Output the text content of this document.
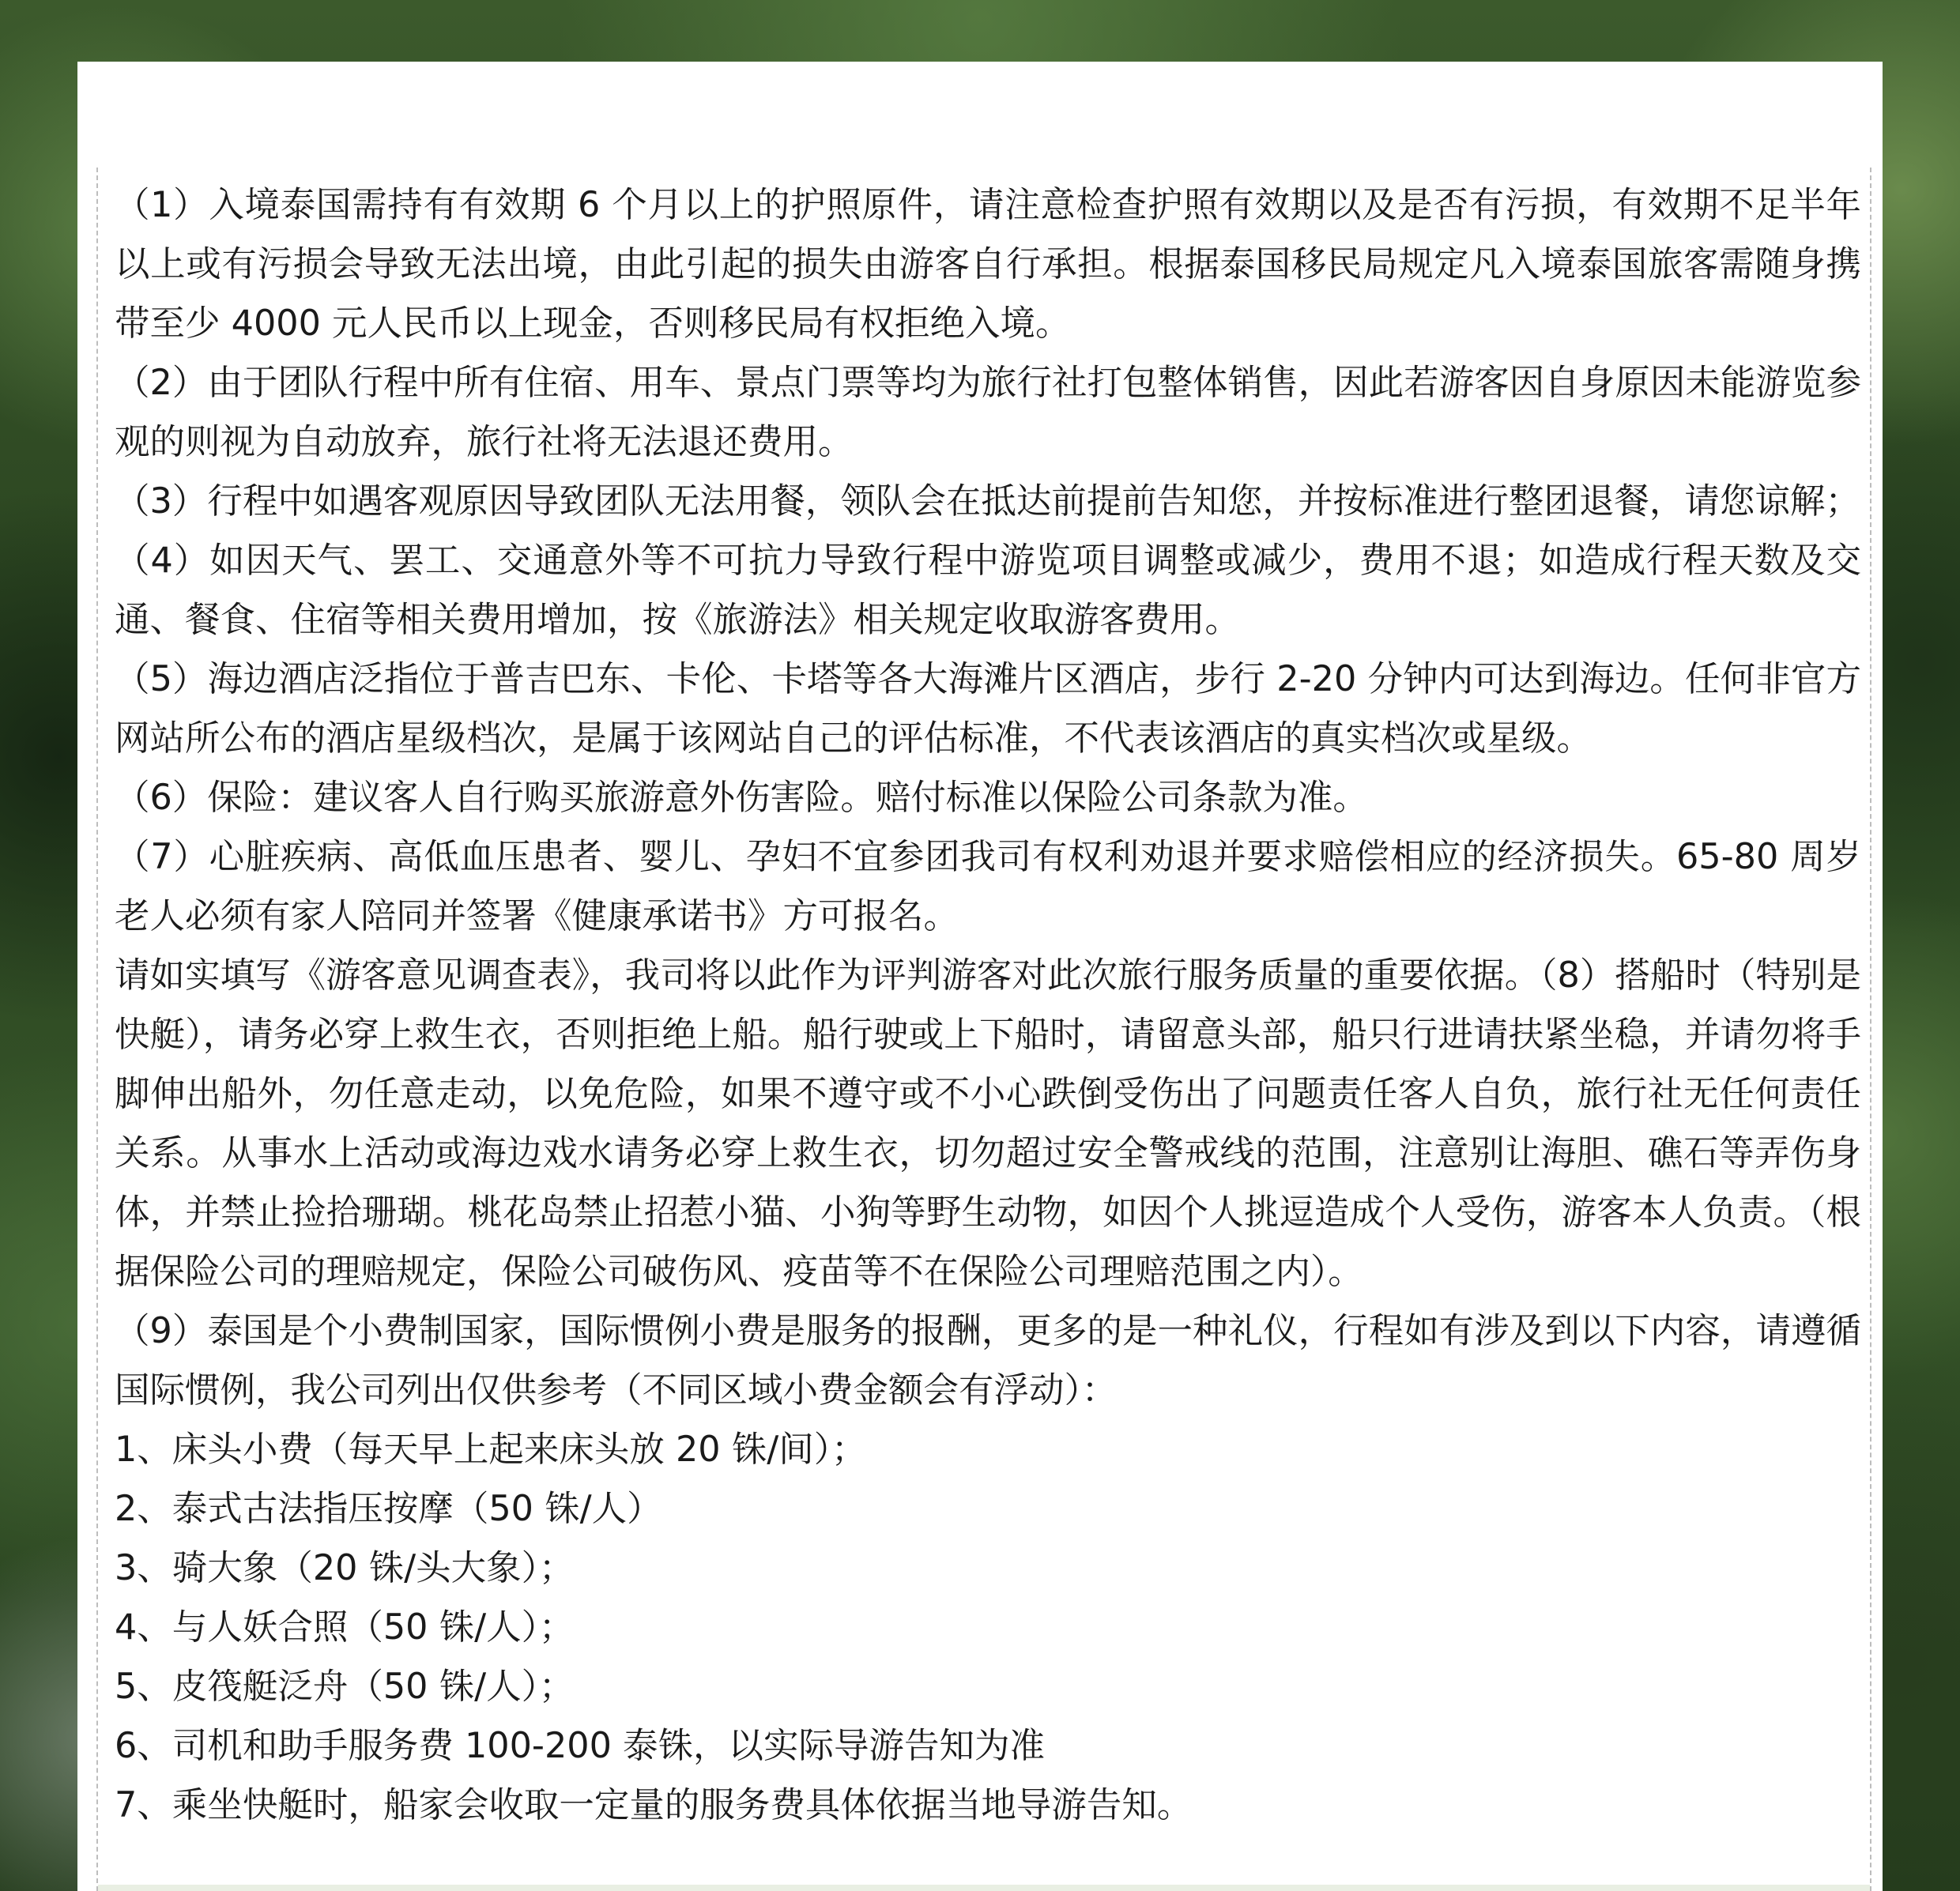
（1）入境泰国需持有有效期 6 个月以上的护照原件，请注意检查护照有效期以及是否有污损，有效期不足半年以上或有污损会导致无法出境，由此引起的损失由游客自行承担。根据泰国移民局规定凡入境泰国旅客需随身携带至少 4000 元人民币以上现金，否则移民局有权拒绝入境。
（2）由于团队行程中所有住宿、用车、景点门票等均为旅行社打包整体销售，因此若游客因自身原因未能游览参观的则视为自动放弃，旅行社将无法退还费用。
（3）行程中如遇客观原因导致团队无法用餐，领队会在抵达前提前告知您，并按标准进行整团退餐，请您谅解；
（4）如因天气、罢工、交通意外等不可抗力导致行程中游览项目调整或减少，费用不退；如造成行程天数及交通、餐食、住宿等相关费用增加，按《旅游法》相关规定收取游客费用。
（5）海边酒店泛指位于普吉巴东、卡伦、卡塔等各大海滩片区酒店，步行 2-20 分钟内可达到海边。任何非官方网站所公布的酒店星级档次，是属于该网站自己的评估标准，不代表该酒店的真实档次或星级。
（6）保险：建议客人自行购买旅游意外伤害险。赔付标准以保险公司条款为准。
（7）心脏疾病、高低血压患者、婴儿、孕妇不宜参团我司有权利劝退并要求赔偿相应的经济损失。65-80 周岁老人必须有家人陪同并签署《健康承诺书》方可报名。
请如实填写《游客意见调查表》，我司将以此作为评判游客对此次旅行服务质量的重要依据。（8）搭船时（特别是快艇），请务必穿上救生衣，否则拒绝上船。船行驶或上下船时，请留意头部，船只行进请扶紧坐稳，并请勿将手脚伸出船外，勿任意走动，以免危险，如果不遵守或不小心跌倒受伤出了问题责任客人自负，旅行社无任何责任关系。从事水上活动或海边戏水请务必穿上救生衣，切勿超过安全警戒线的范围，注意别让海胆、礁石等弄伤身体，并禁止捡拾珊瑚。桃花岛禁止招惹小猫、小狗等野生动物，如因个人挑逗造成个人受伤，游客本人负责。（根据保险公司的理赔规定，保险公司破伤风、疫苗等不在保险公司理赔范围之内）。
（9）泰国是个小费制国家，国际惯例小费是服务的报酬，更多的是一种礼仪，行程如有涉及到以下内容，请遵循国际惯例，我公司列出仅供参考（不同区域小费金额会有浮动）：
1、床头小费（每天早上起来床头放 20 铢/间）；
2、泰式古法指压按摩（50 铢/人）
3、骑大象（20 铢/头大象）；
4、与人妖合照（50 铢/人）；
5、皮筏艇泛舟（50 铢/人）；
6、司机和助手服务费 100-200 泰铢，以实际导游告知为准
7、乘坐快艇时，船家会收取一定量的服务费具体依据当地导游告知。
